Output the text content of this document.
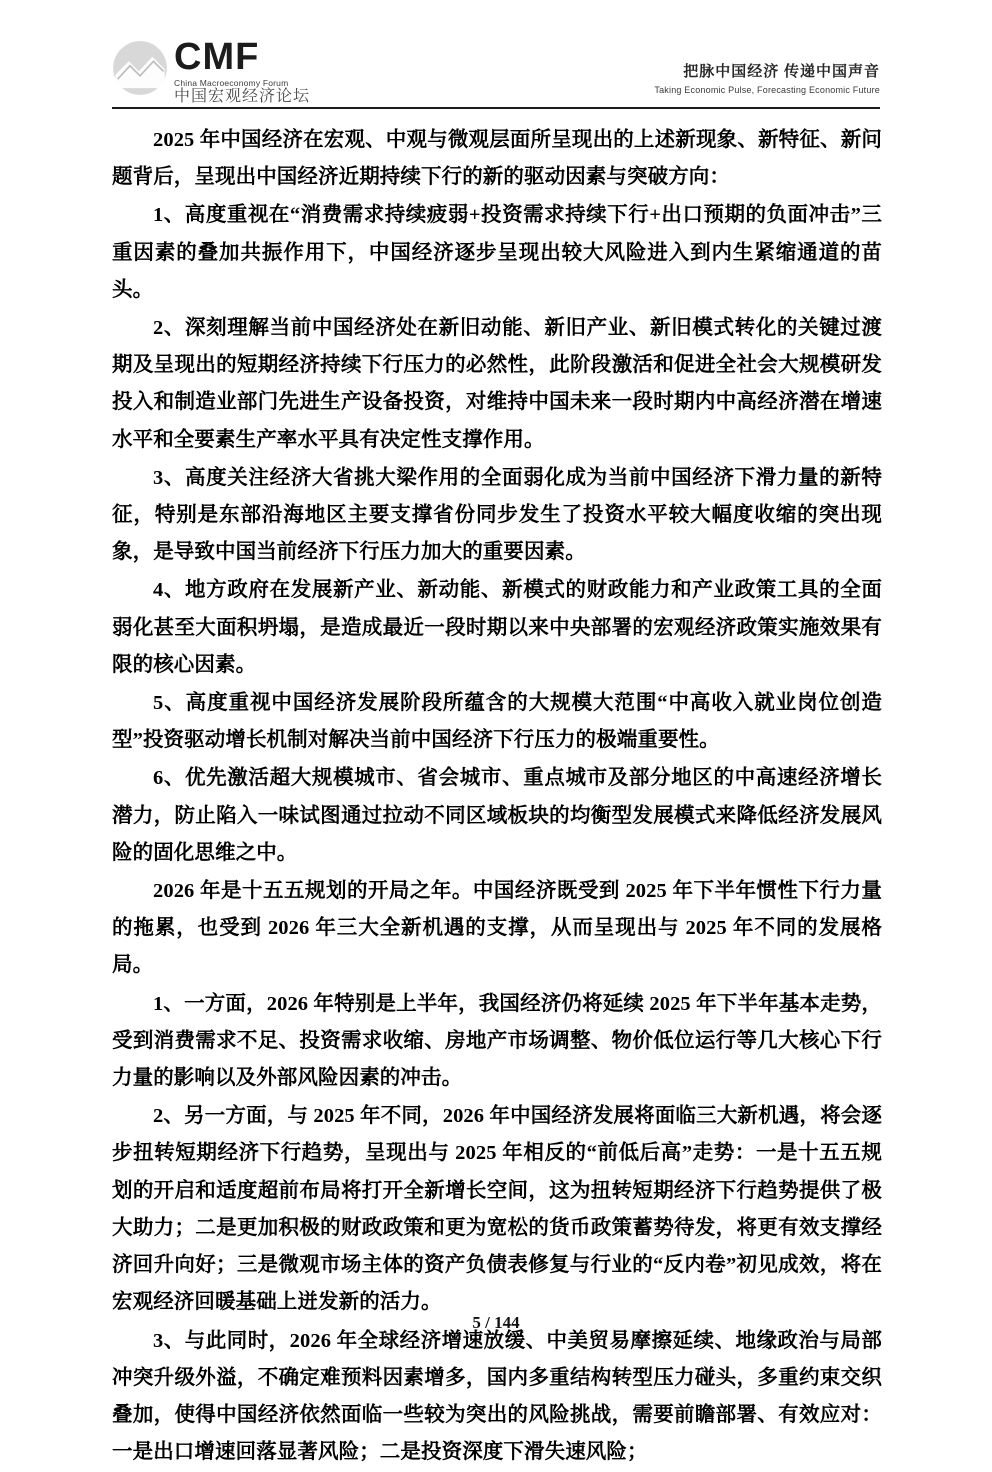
CMF
China Macroeconomy Forum
中国宏观经济论坛
把脉中国经济 传递中国声音
Taking Economic Pulse, Forecasting Economic Future

2025 年中国经济在宏观、中观与微观层面所呈现出的上述新现象、新特征、新问题背后，呈现出中国经济近期持续下行的新的驱动因素与突破方向：

1、高度重视在“消费需求持续疲弱+投资需求持续下行+出口预期的负面冲击”三重因素的叠加共振作用下，中国经济逐步呈现出较大风险进入到内生紧缩通道的苗头。

2、深刻理解当前中国经济处在新旧动能、新旧产业、新旧模式转化的关键过渡期及呈现出的短期经济持续下行压力的必然性，此阶段激活和促进全社会大规模研发投入和制造业部门先进生产设备投资，对维持中国未来一段时期内中高经济潜在增速水平和全要素生产率水平具有决定性支撑作用。

3、高度关注经济大省挑大梁作用的全面弱化成为当前中国经济下滑力量的新特征，特别是东部沿海地区主要支撑省份同步发生了投资水平较大幅度收缩的突出现象，是导致中国当前经济下行压力加大的重要因素。

4、地方政府在发展新产业、新动能、新模式的财政能力和产业政策工具的全面弱化甚至大面积坍塌，是造成最近一段时期以来中央部署的宏观经济政策实施效果有限的核心因素。

5、高度重视中国经济发展阶段所蕴含的大规模大范围“中高收入就业岗位创造型”投资驱动增长机制对解决当前中国经济下行压力的极端重要性。

6、优先激活超大规模城市、省会城市、重点城市及部分地区的中高速经济增长潜力，防止陷入一味试图通过拉动不同区域板块的均衡型发展模式来降低经济发展风险的固化思维之中。

2026 年是十五五规划的开局之年。中国经济既受到 2025 年下半年惯性下行力量的拖累，也受到 2026 年三大全新机遇的支撑，从而呈现出与 2025 年不同的发展格局。

1、一方面，2026 年特别是上半年，我国经济仍将延续 2025 年下半年基本走势，受到消费需求不足、投资需求收缩、房地产市场调整、物价低位运行等几大核心下行力量的影响以及外部风险因素的冲击。

2、另一方面，与 2025 年不同，2026 年中国经济发展将面临三大新机遇，将会逐步扭转短期经济下行趋势，呈现出与 2025 年相反的“前低后高”走势：一是十五五规划的开启和适度超前布局将打开全新增长空间，这为扭转短期经济下行趋势提供了极大助力；二是更加积极的财政政策和更为宽松的货币政策蓄势待发，将更有效支撑经济回升向好；三是微观市场主体的资产负债表修复与行业的“反内卷”初见成效，将在宏观经济回暖基础上迸发新的活力。

3、与此同时，2026 年全球经济增速放缓、中美贸易摩擦延续、地缘政治与局部冲突升级外溢，不确定难预料因素增多，国内多重结构转型压力碰头，多重约束交织叠加，使得中国经济依然面临一些较为突出的风险挑战，需要前瞻部署、有效应对：一是出口增速回落显著风险；二是投资深度下滑失速风险；

5 / 144
